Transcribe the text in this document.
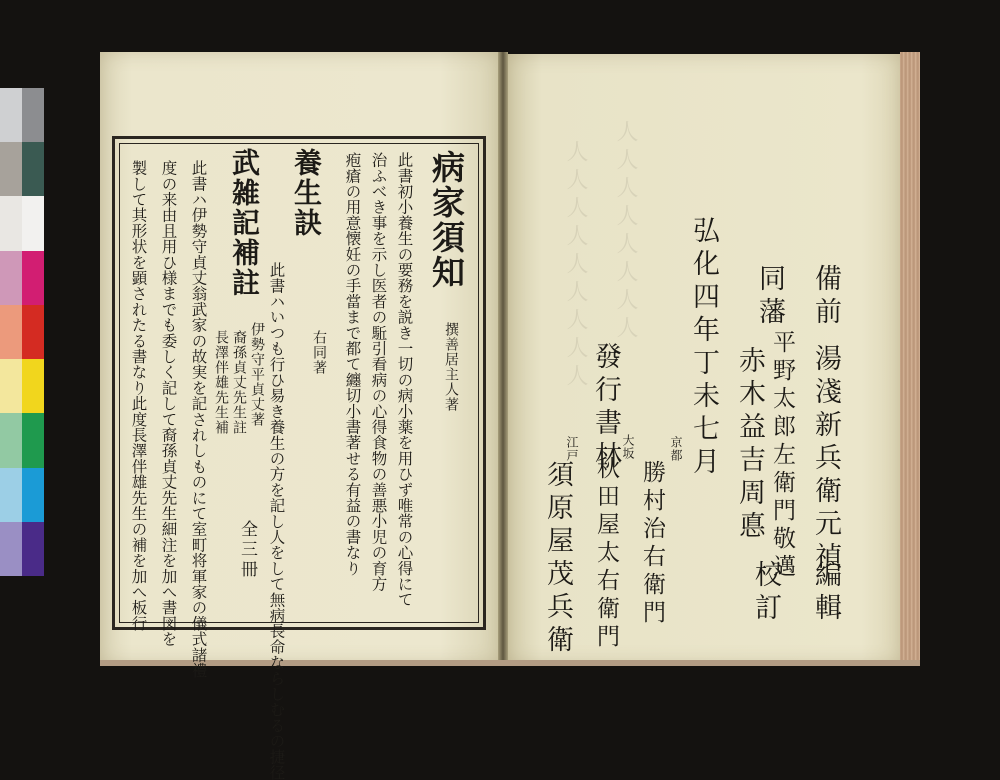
人人人人人人人人人 人人人人人人人人
病家須知
撰善居主人著
此書初小養生の要務を説き一切の病小薬を用ひず唯常の心得にて
治ふべき事を示し医者の駈引看病の心得食物の善悪小児の育方
疱瘡の用意懐妊の手當まで都て纏切小書著せる有益の書なり
養生訣
右同著
此書ハいつも行ひ易き養生の方を記し人をして無病長命ならしむるの捷径
武雑記補註
伊勢守平貞丈著
裔孫貞丈先生註
長澤伴雄先生補
全三冊
此書ハ伊勢守貞丈翁武家の故実を記されしものにて室町将軍家の儀式諸禮
度の来由且用ひ様までも委しく記して裔孫貞丈先生細注を加へ書図を
製して其形状を顕されたる書なり此度長澤伴雄先生の補を加へ板行	備前
湯淺新兵衛元禎
編輯
同藩
平野太郎左衛門敬邁
赤木益吉周悳
校訂
弘化四年丁未七月
發行書林	京都
勝村治右衛門
大坂
秋田屋太右衛門
江戸
須原屋茂兵衛
